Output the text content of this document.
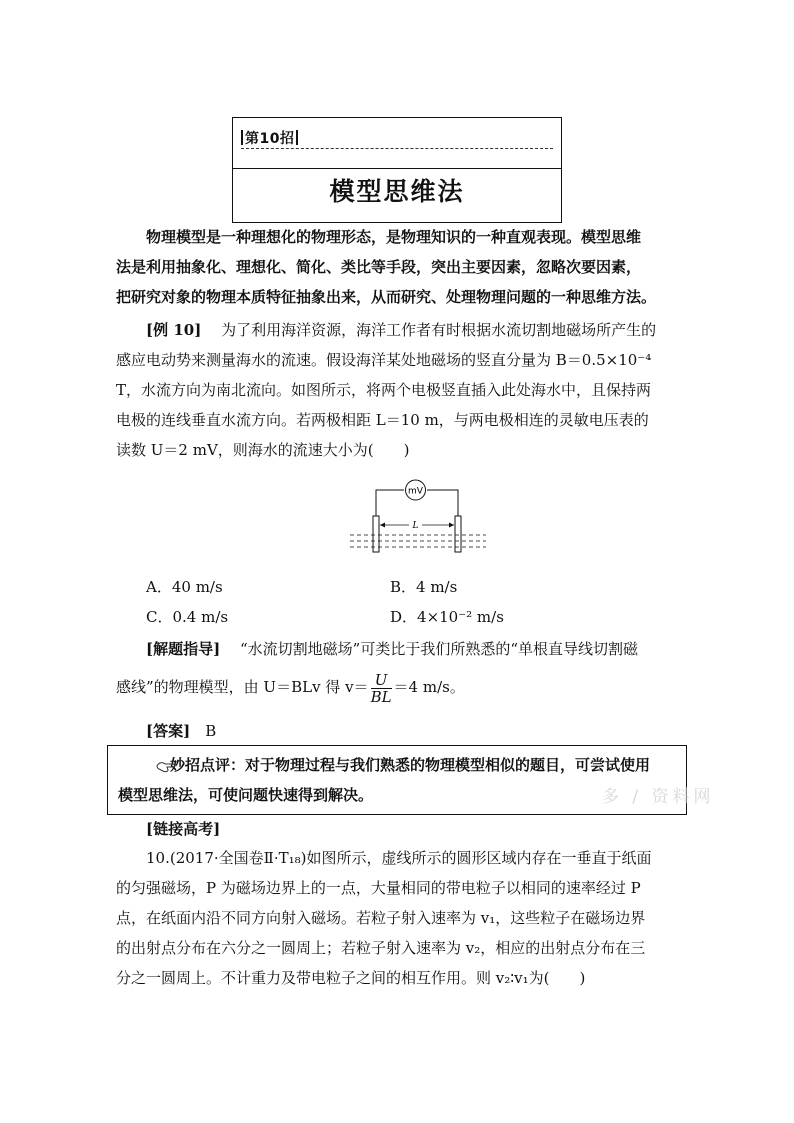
第10招
模型思维法
物理模型是一种理想化的物理形态，是物理知识的一种直观表现。模型思维
法是利用抽象化、理想化、简化、类比等手段，突出主要因素，忽略次要因素，
把研究对象的物理本质特征抽象出来，从而研究、处理物理问题的一种思维方法。
[例 10]　 为了利用海洋资源，海洋工作者有时根据水流切割地磁场所产生的
感应电动势来测量海水的流速。假设海洋某处地磁场的竖直分量为 B＝0.5×10⁻⁴
T，水流方向为南北流向。如图所示，将两个电极竖直插入此处海水中，且保持两
电极的连线垂直水流方向。若两极相距 L＝10 m，与两电极相连的灵敏电压表的
读数 U＝2 mV，则海水的流速大小为(　　)
mV
L
A．40 m/s	B．4 m/s
C．0.4 m/s	D．4×10⁻² m/s
[解题指导]　 “水流切割地磁场”可类比于我们所熟悉的“单根直导线切割磁
感线”的物理模型，由 U＝BLv 得 $v= \frac{U}{BL} =4$ m/s。
[答案]　 B
妙招点评：对于物理过程与我们熟悉的物理模型相似的题目，可尝试使用
模型思维法，可使问题快速得到解决。	多 / 资料网
[链接高考]
10.(2017·全国卷Ⅱ·T₁₈)如图所示，虚线所示的圆形区域内存在一垂直于纸面
的匀强磁场，P 为磁场边界上的一点，大量相同的带电粒子以相同的速率经过 P
点，在纸面内沿不同方向射入磁场。若粒子射入速率为 v₁，这些粒子在磁场边界
的出射点分布在六分之一圆周上；若粒子射入速率为 v₂，相应的出射点分布在三
分之一圆周上。不计重力及带电粒子之间的相互作用。则 v₂∶v₁为(　　)
